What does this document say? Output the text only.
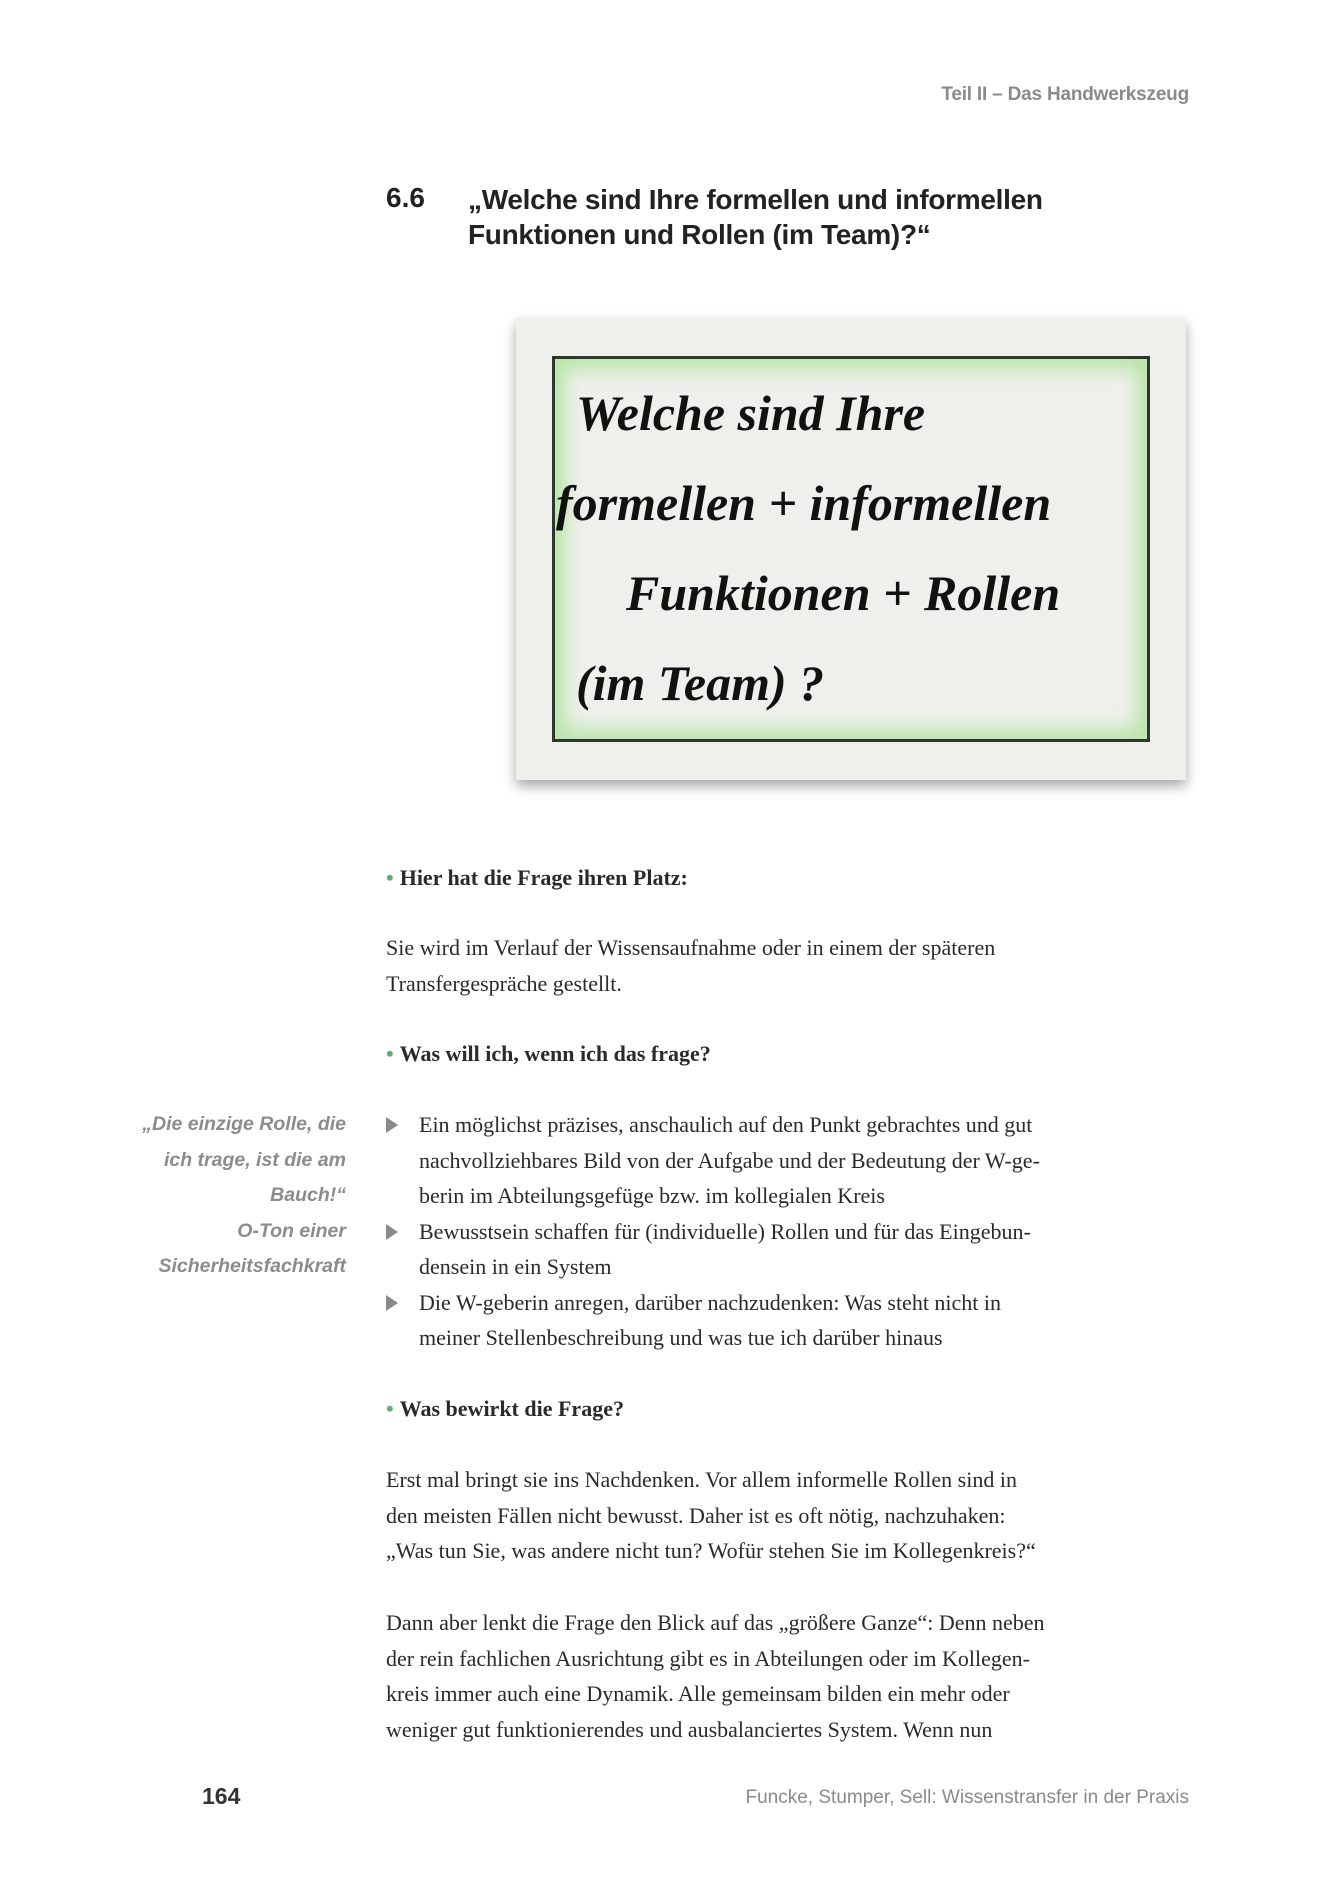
Teil II – Das Handwerkszeug
6.6 „Welche sind Ihre formellen und informellen
Funktionen und Rollen (im Team)?“
Welche sind Ihre
formellen + informellen
Funktionen + Rollen
(im Team) ?
• Hier hat die Frage ihren Platz:
Sie wird im Verlauf der Wissensaufnahme oder in einem der späteren
Transfergespräche gestellt.
• Was will ich, wenn ich das frage?
Ein möglichst präzises, anschaulich auf den Punkt gebrachtes und gut
nachvollziehbares Bild von der Aufgabe und der Bedeutung der W-ge-
berin im Abteilungsgefüge bzw. im kollegialen Kreis
Bewusstsein schaffen für (individuelle) Rollen und für das Eingebun-
densein in ein System
Die W-geberin anregen, darüber nachzudenken: Was steht nicht in
meiner Stellenbeschreibung und was tue ich darüber hinaus
„Die einzige Rolle, die
ich trage, ist die am
Bauch!“
O-Ton einer
Sicherheitsfachkraft
• Was bewirkt die Frage?
Erst mal bringt sie ins Nachdenken. Vor allem informelle Rollen sind in
den meisten Fällen nicht bewusst. Daher ist es oft nötig, nachzuhaken:
„Was tun Sie, was andere nicht tun? Wofür stehen Sie im Kollegenkreis?“
Dann aber lenkt die Frage den Blick auf das „größere Ganze“: Denn neben
der rein fachlichen Ausrichtung gibt es in Abteilungen oder im Kollegen-
kreis immer auch eine Dynamik. Alle gemeinsam bilden ein mehr oder
weniger gut funktionierendes und ausbalanciertes System. Wenn nun
164	Funcke, Stumper, Sell: Wissenstransfer in der Praxis
